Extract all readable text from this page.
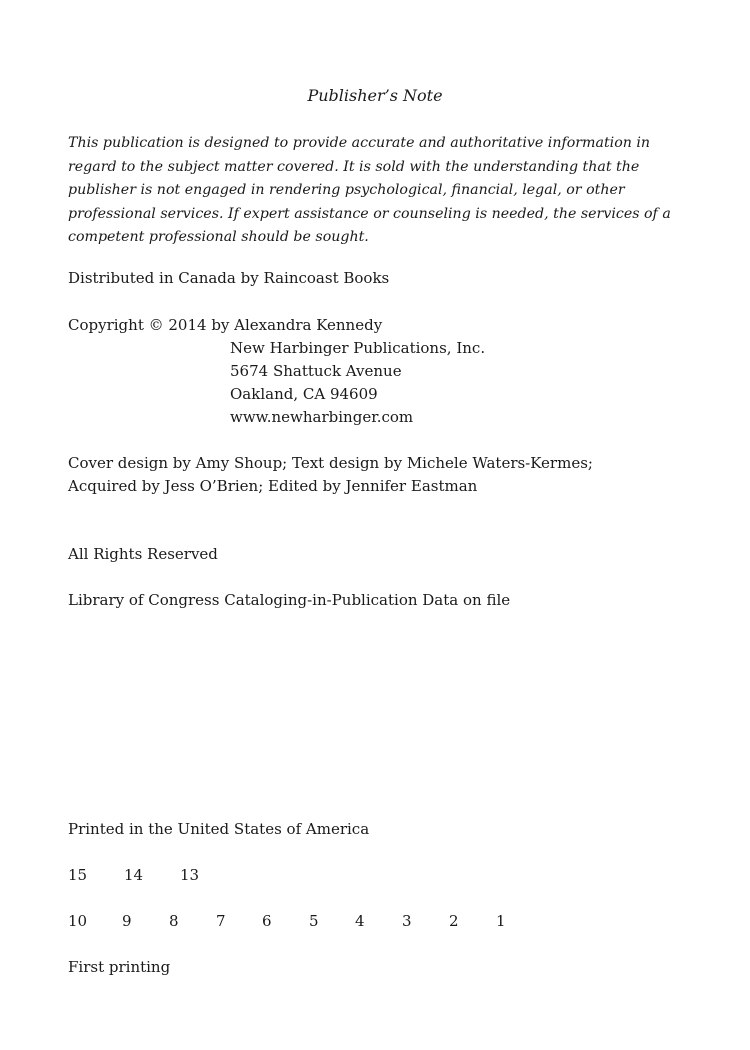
Publisher’s Note
This publication is designed to provide accurate and authoritative information in regard to the subject matter covered. It is sold with the understanding that the publisher is not engaged in rendering psychological, financial, legal, or other professional services. If expert assistance or counseling is needed, the services of a competent professional should be sought.
Distributed in Canada by Raincoast Books
Copyright © 2014 by Alexandra Kennedy
New Harbinger Publications, Inc.
5674 Shattuck Avenue
Oakland, CA 94609
www.newharbinger.com
Cover design by Amy Shoup; Text design by Michele Waters-Kermes;
Acquired by Jess O’Brien; Edited by Jennifer Eastman
All Rights Reserved
Library of Congress Cataloging-in-Publication Data on file
Printed in the United States of America
15 14 13
10 9 8 7 6 5 4 3 2 1
First printing
